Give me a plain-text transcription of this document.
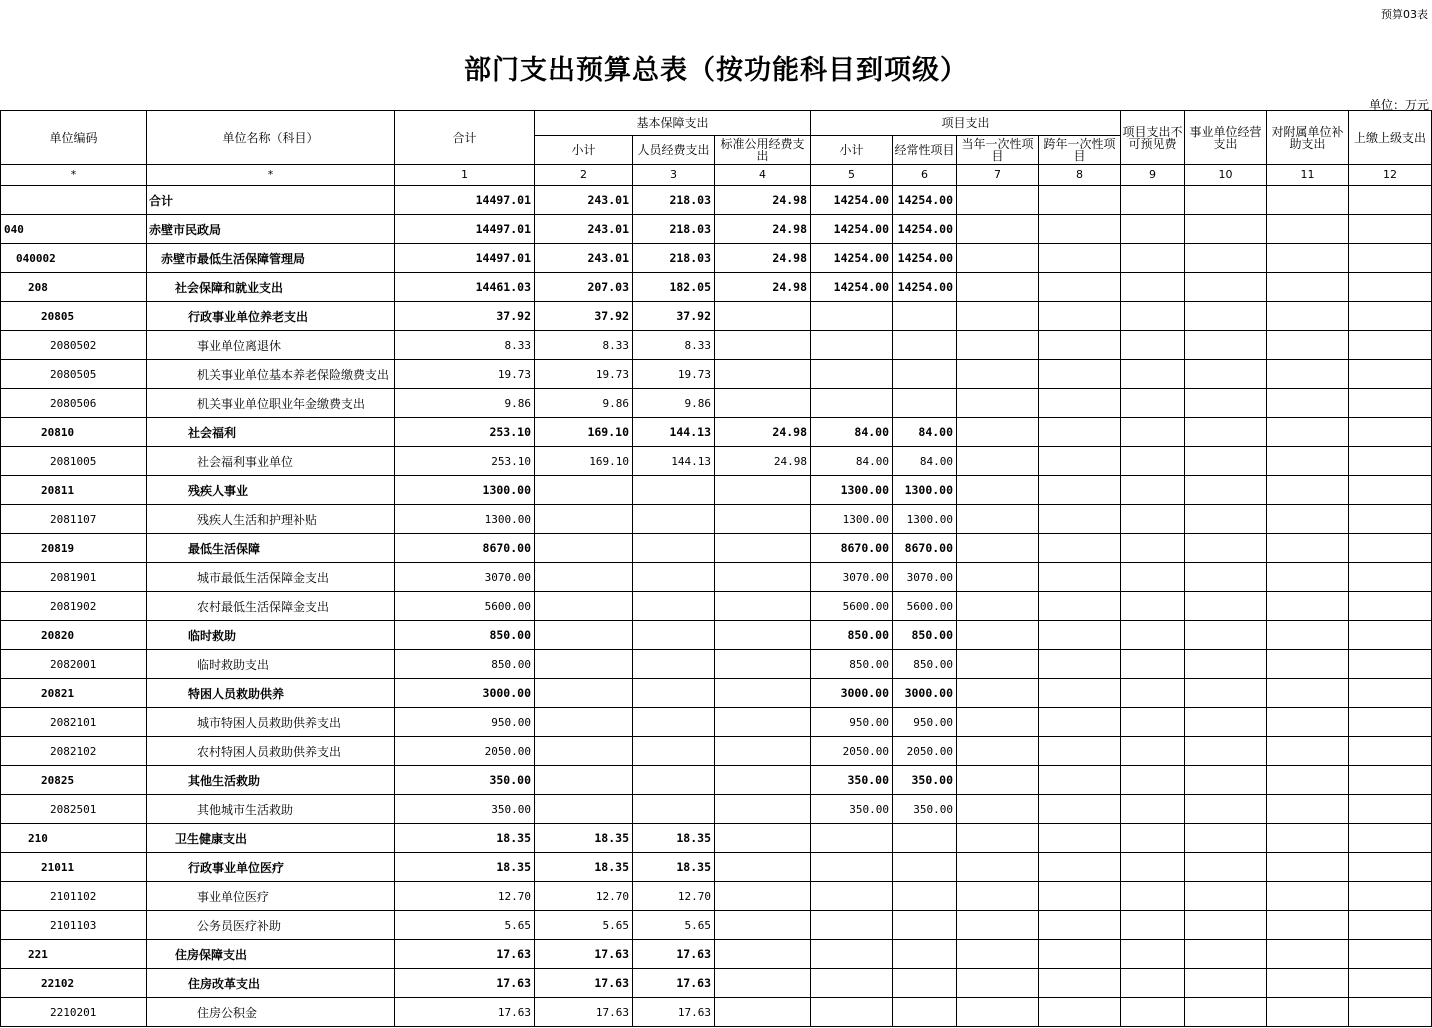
预算03表
部门支出预算总表（按功能科目到项级）
单位：万元
单位编码	单位名称（科目）	合计	基本保障支出			项目支出				项目支出不可预见费	事业单位经营支出	对附属单位补助支出	上缴上级支出
			小计	人员经费支出	标准公用经费支出	小计	经常性项目	当年一次性项目	跨年一次性项目				
*	*	1	2	3	4	5	6	7	8	9	10	11	12
	合计	14497.01	243.01	218.03	24.98	14254.00	14254.00						
040	赤壁市民政局	14497.01	243.01	218.03	24.98	14254.00	14254.00						
040002	赤壁市最低生活保障管理局	14497.01	243.01	218.03	24.98	14254.00	14254.00						
208	社会保障和就业支出	14461.03	207.03	182.05	24.98	14254.00	14254.00						
20805	行政事业单位养老支出	37.92	37.92	37.92									
2080502	事业单位离退休	8.33	8.33	8.33									
2080505	机关事业单位基本养老保险缴费支出	19.73	19.73	19.73									
2080506	机关事业单位职业年金缴费支出	9.86	9.86	9.86									
20810	社会福利	253.10	169.10	144.13	24.98	84.00	84.00						
2081005	社会福利事业单位	253.10	169.10	144.13	24.98	84.00	84.00						
20811	残疾人事业	1300.00				1300.00	1300.00						
2081107	残疾人生活和护理补贴	1300.00				1300.00	1300.00						
20819	最低生活保障	8670.00				8670.00	8670.00						
2081901	城市最低生活保障金支出	3070.00				3070.00	3070.00						
2081902	农村最低生活保障金支出	5600.00				5600.00	5600.00						
20820	临时救助	850.00				850.00	850.00						
2082001	临时救助支出	850.00				850.00	850.00						
20821	特困人员救助供养	3000.00				3000.00	3000.00						
2082101	城市特困人员救助供养支出	950.00				950.00	950.00						
2082102	农村特困人员救助供养支出	2050.00				2050.00	2050.00						
20825	其他生活救助	350.00				350.00	350.00						
2082501	其他城市生活救助	350.00				350.00	350.00						
210	卫生健康支出	18.35	18.35	18.35									
21011	行政事业单位医疗	18.35	18.35	18.35									
2101102	事业单位医疗	12.70	12.70	12.70									
2101103	公务员医疗补助	5.65	5.65	5.65									
221	住房保障支出	17.63	17.63	17.63									
22102	住房改革支出	17.63	17.63	17.63									
2210201	住房公积金	17.63	17.63	17.63									
